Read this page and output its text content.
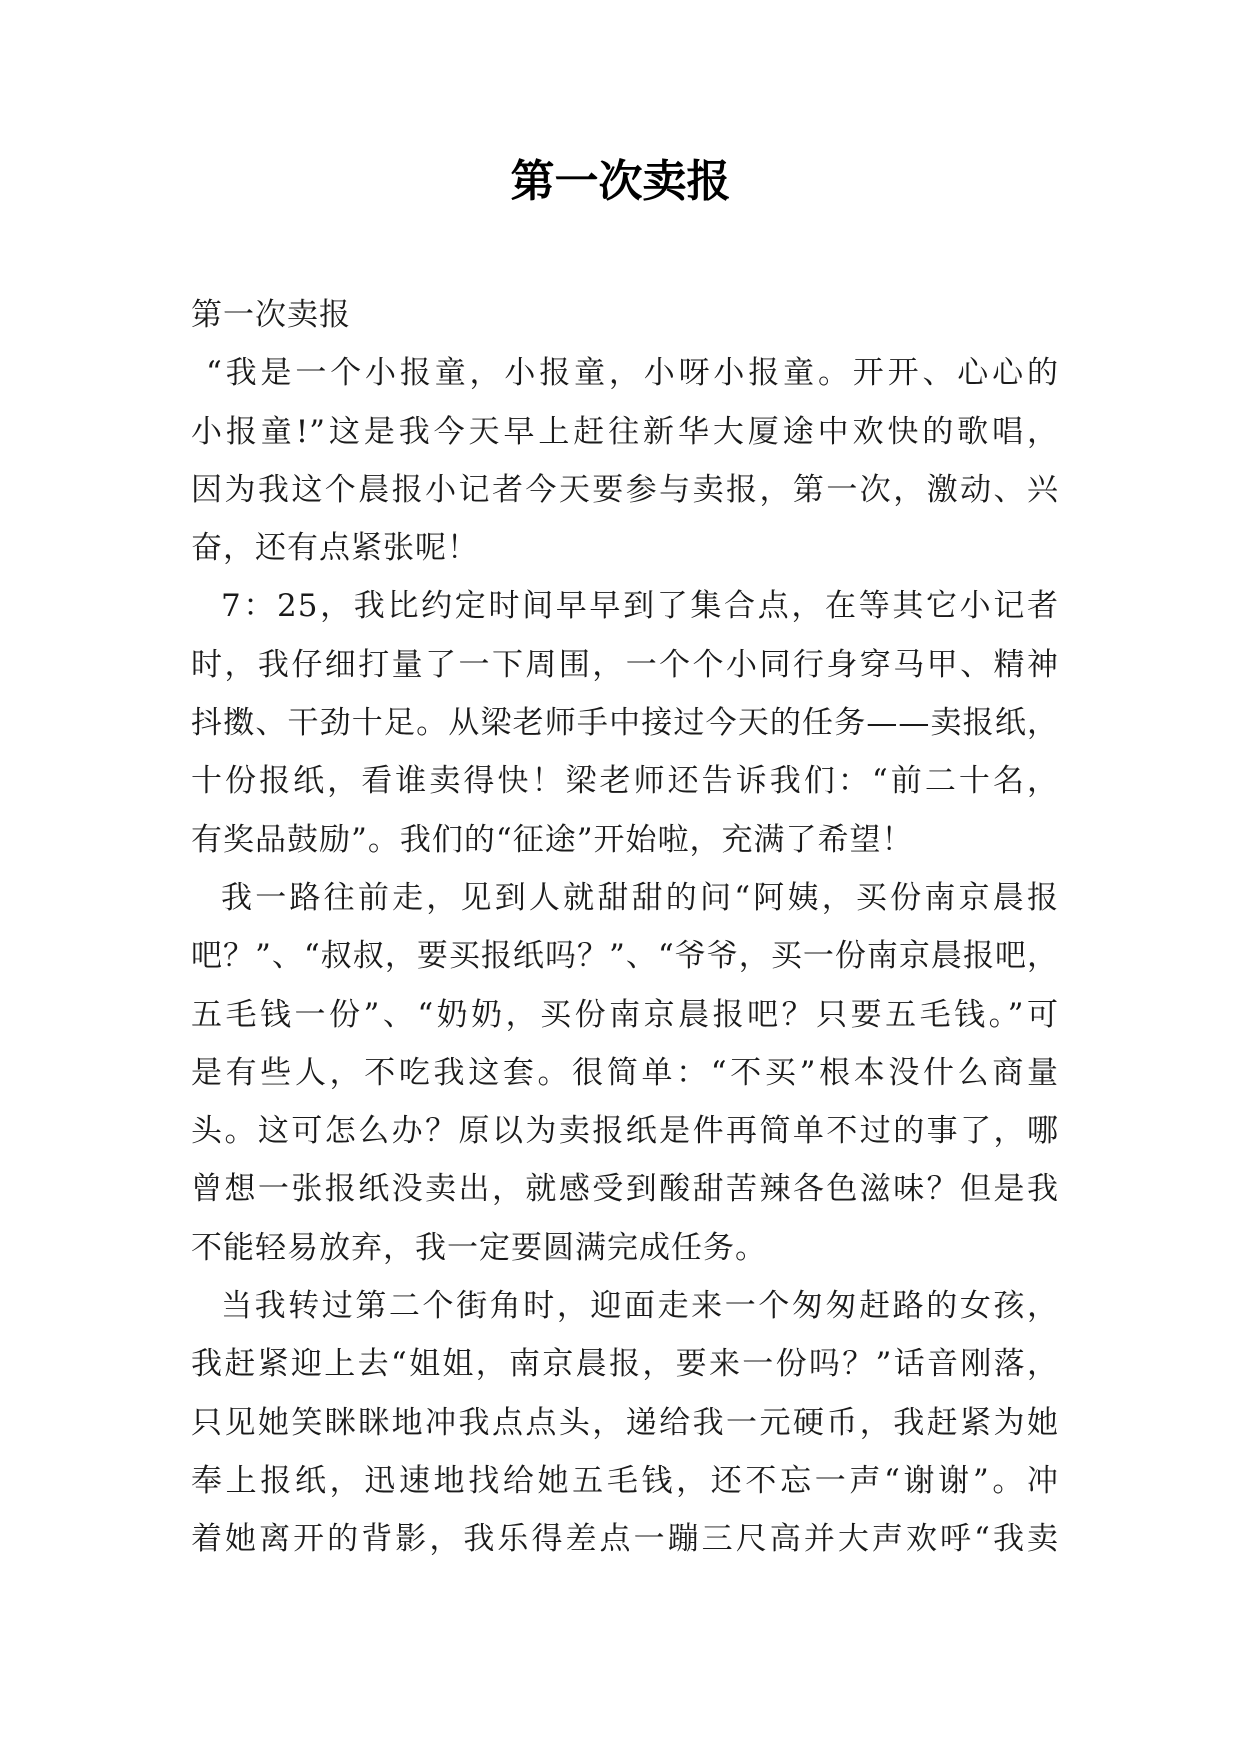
第一次卖报
第一次卖报
“我是一个小报童，小报童，小呀小报童。开开、心心的
小报童!”这是我今天早上赶往新华大厦途中欢快的歌唱，
因为我这个晨报小记者今天要参与卖报，第一次，激动、兴
奋，还有点紧张呢！
7：25，我比约定时间早早到了集合点，在等其它小记者
时，我仔细打量了一下周围，一个个小同行身穿马甲、精神
抖擞、干劲十足。从梁老师手中接过今天的任务——卖报纸，
十份报纸，看谁卖得快！梁老师还告诉我们：“前二十名，
有奖品鼓励”。我们的“征途”开始啦，充满了希望！
我一路往前走，见到人就甜甜的问“阿姨，买份南京晨报
吧？”、“叔叔，要买报纸吗？”、“爷爷，买一份南京晨报吧，
五毛钱一份”、“奶奶，买份南京晨报吧？只要五毛钱。”可
是有些人，不吃我这套。很简单：“不买”根本没什么商量
头。这可怎么办？原以为卖报纸是件再简单不过的事了，哪
曾想一张报纸没卖出，就感受到酸甜苦辣各色滋味？但是我
不能轻易放弃，我一定要圆满完成任务。
当我转过第二个街角时，迎面走来一个匆匆赶路的女孩，
我赶紧迎上去“姐姐，南京晨报，要来一份吗？”话音刚落，
只见她笑眯眯地冲我点点头，递给我一元硬币，我赶紧为她
奉上报纸，迅速地找给她五毛钱，还不忘一声“谢谢”。冲
着她离开的背影，我乐得差点一蹦三尺高并大声欢呼“我卖
